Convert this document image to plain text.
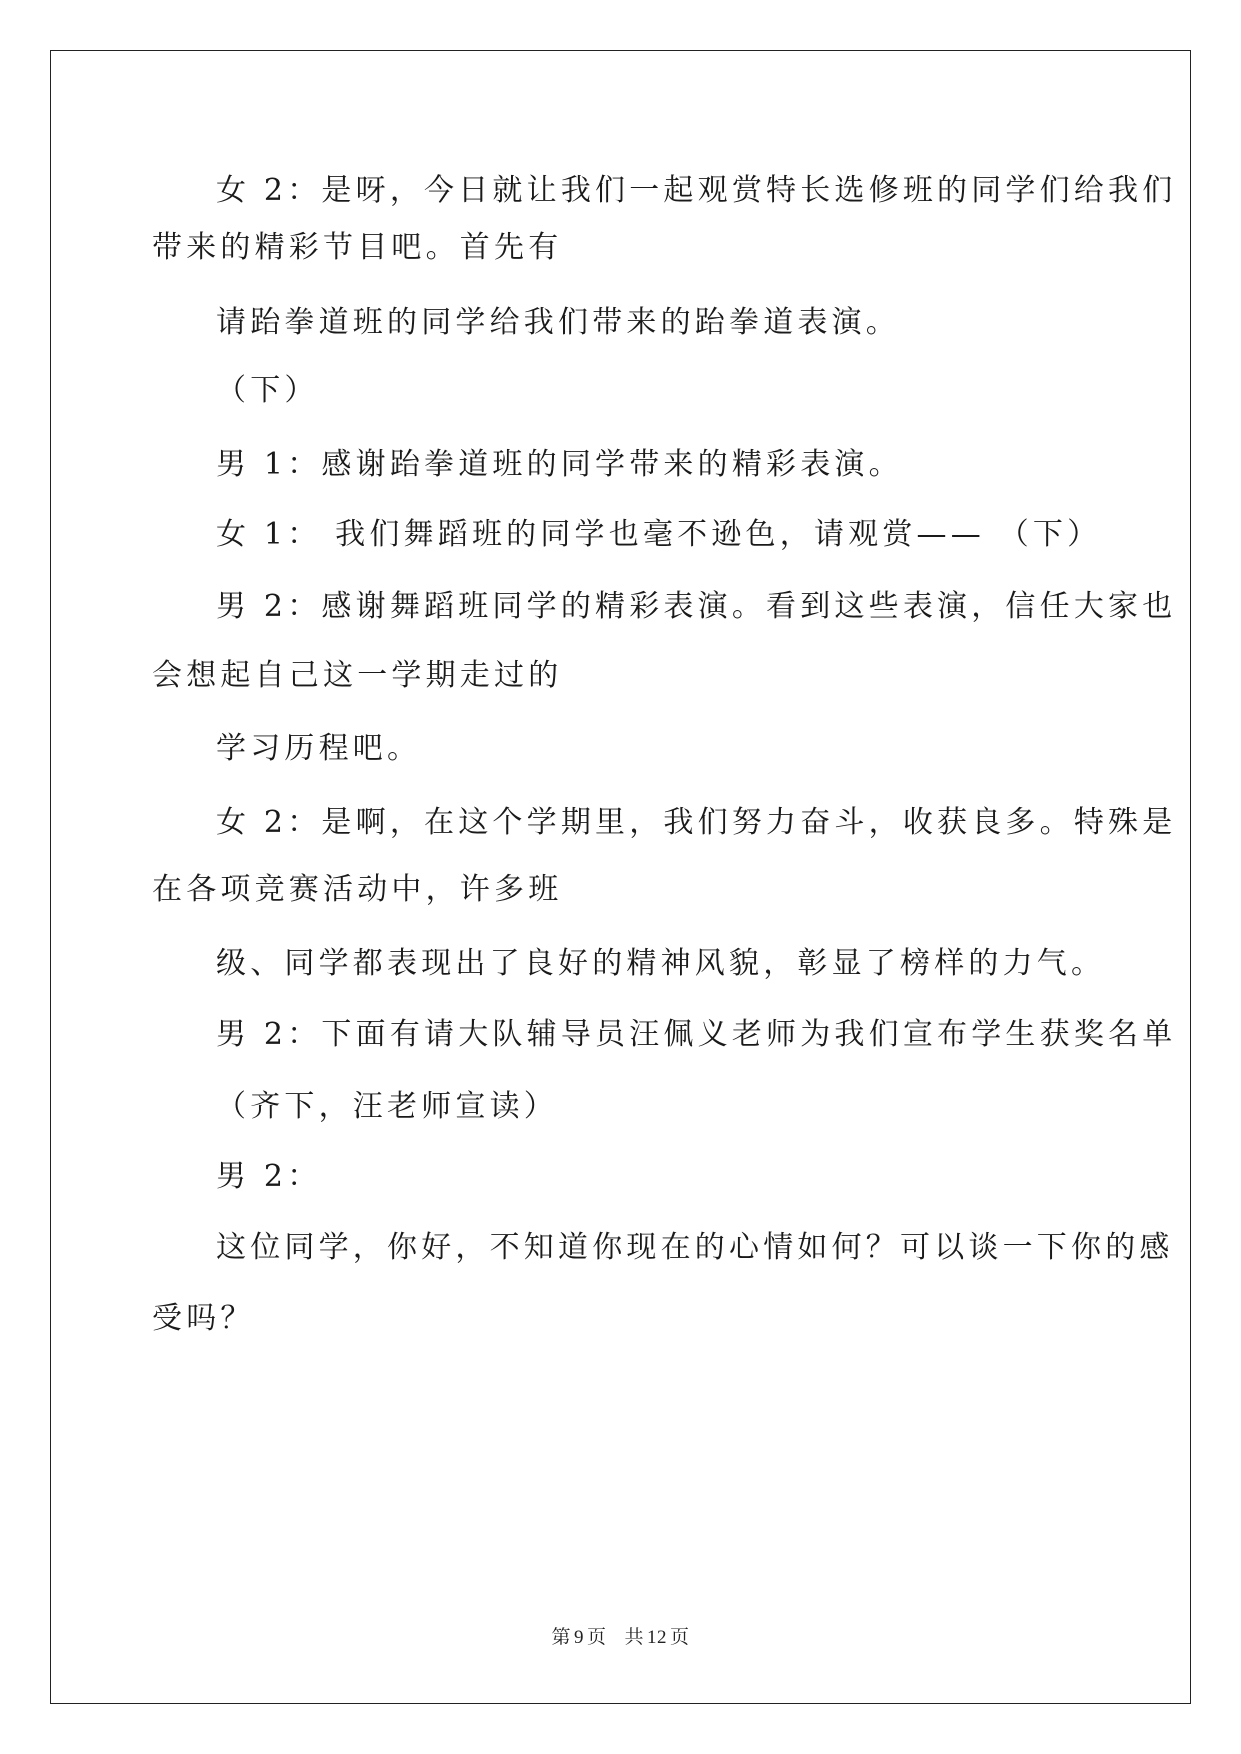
女 2：是呀，今日就让我们一起观赏特长选修班的同学们给我们
带来的精彩节目吧。首先有
请跆拳道班的同学给我们带来的跆拳道表演。
（下）
男 1：感谢跆拳道班的同学带来的精彩表演。
女 1： 我们舞蹈班的同学也毫不逊色，请观赏—— （下）
男 2：感谢舞蹈班同学的精彩表演。看到这些表演，信任大家也
会想起自己这一学期走过的
学习历程吧。
女 2：是啊，在这个学期里，我们努力奋斗，收获良多。特殊是
在各项竞赛活动中，许多班
级、同学都表现出了良好的精神风貌，彰显了榜样的力气。
男 2：下面有请大队辅导员汪佩义老师为我们宣布学生获奖名单
（齐下，汪老师宣读）
男 2：
这位同学，你好，不知道你现在的心情如何？可以谈一下你的感
受吗？
第 9 页 共 12 页
